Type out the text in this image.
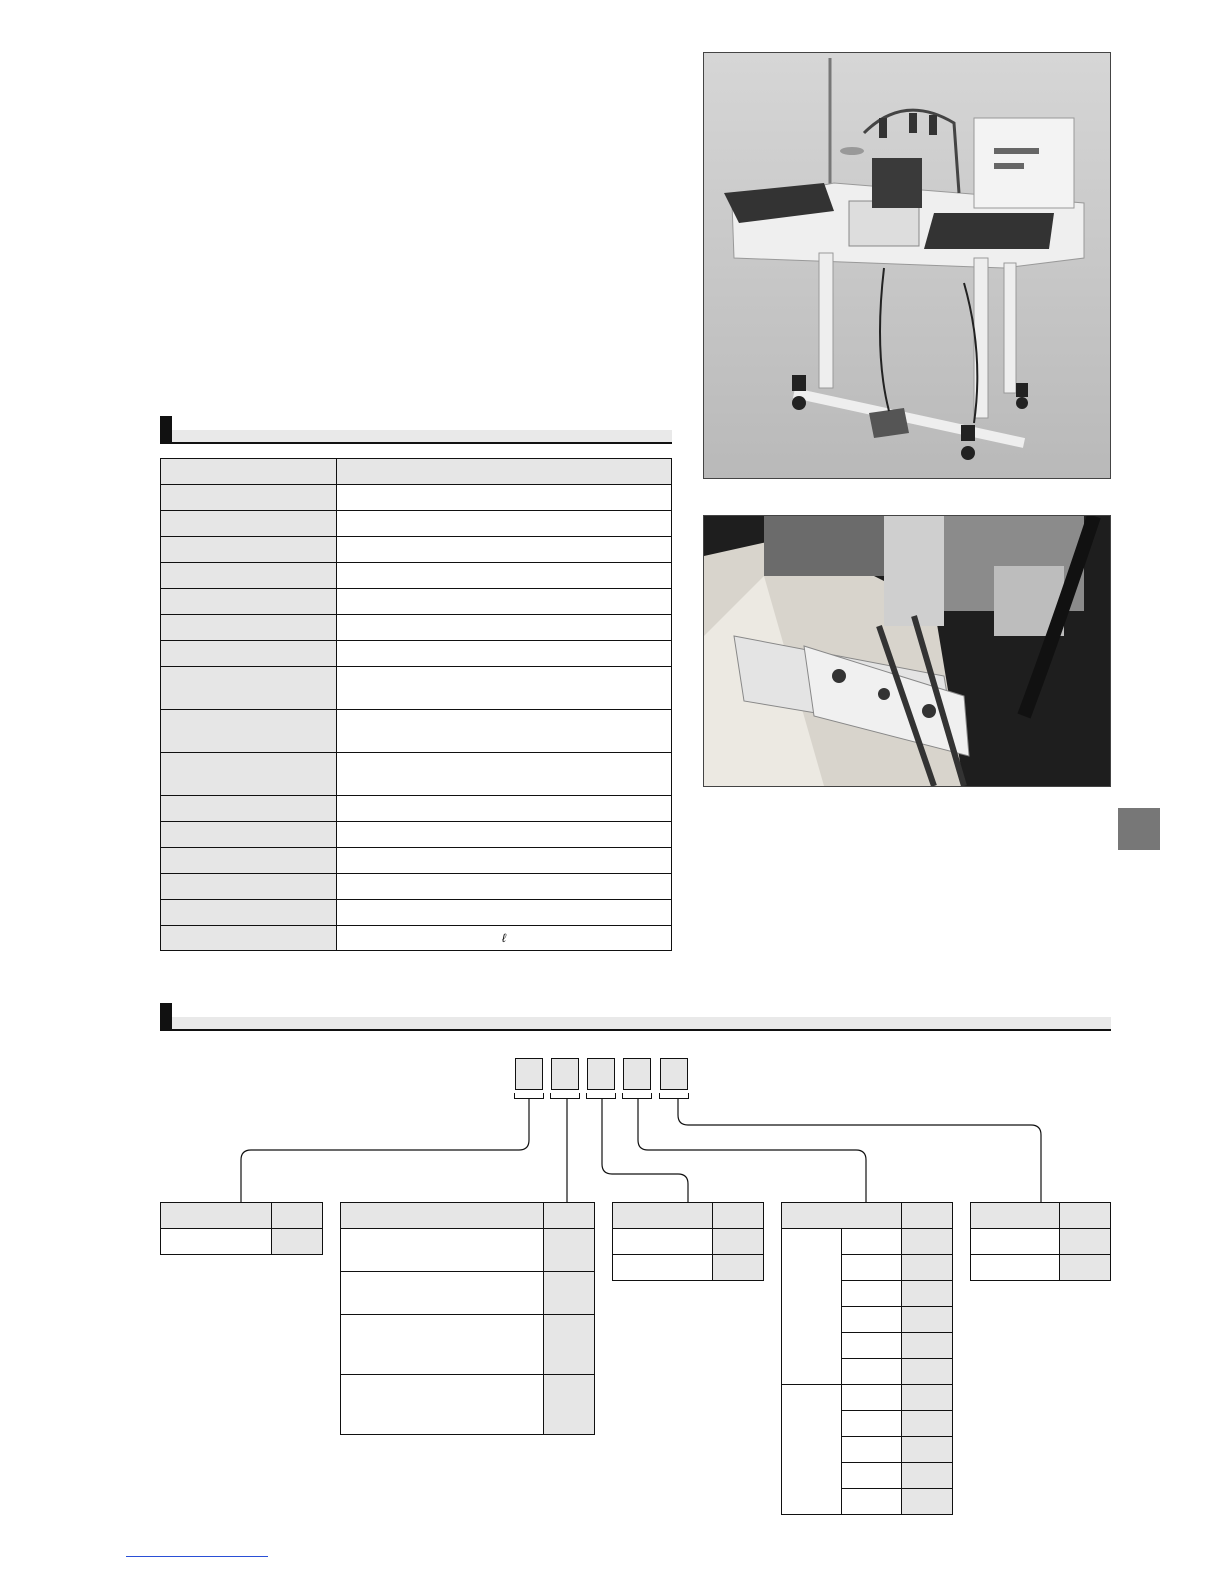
	ℓ
